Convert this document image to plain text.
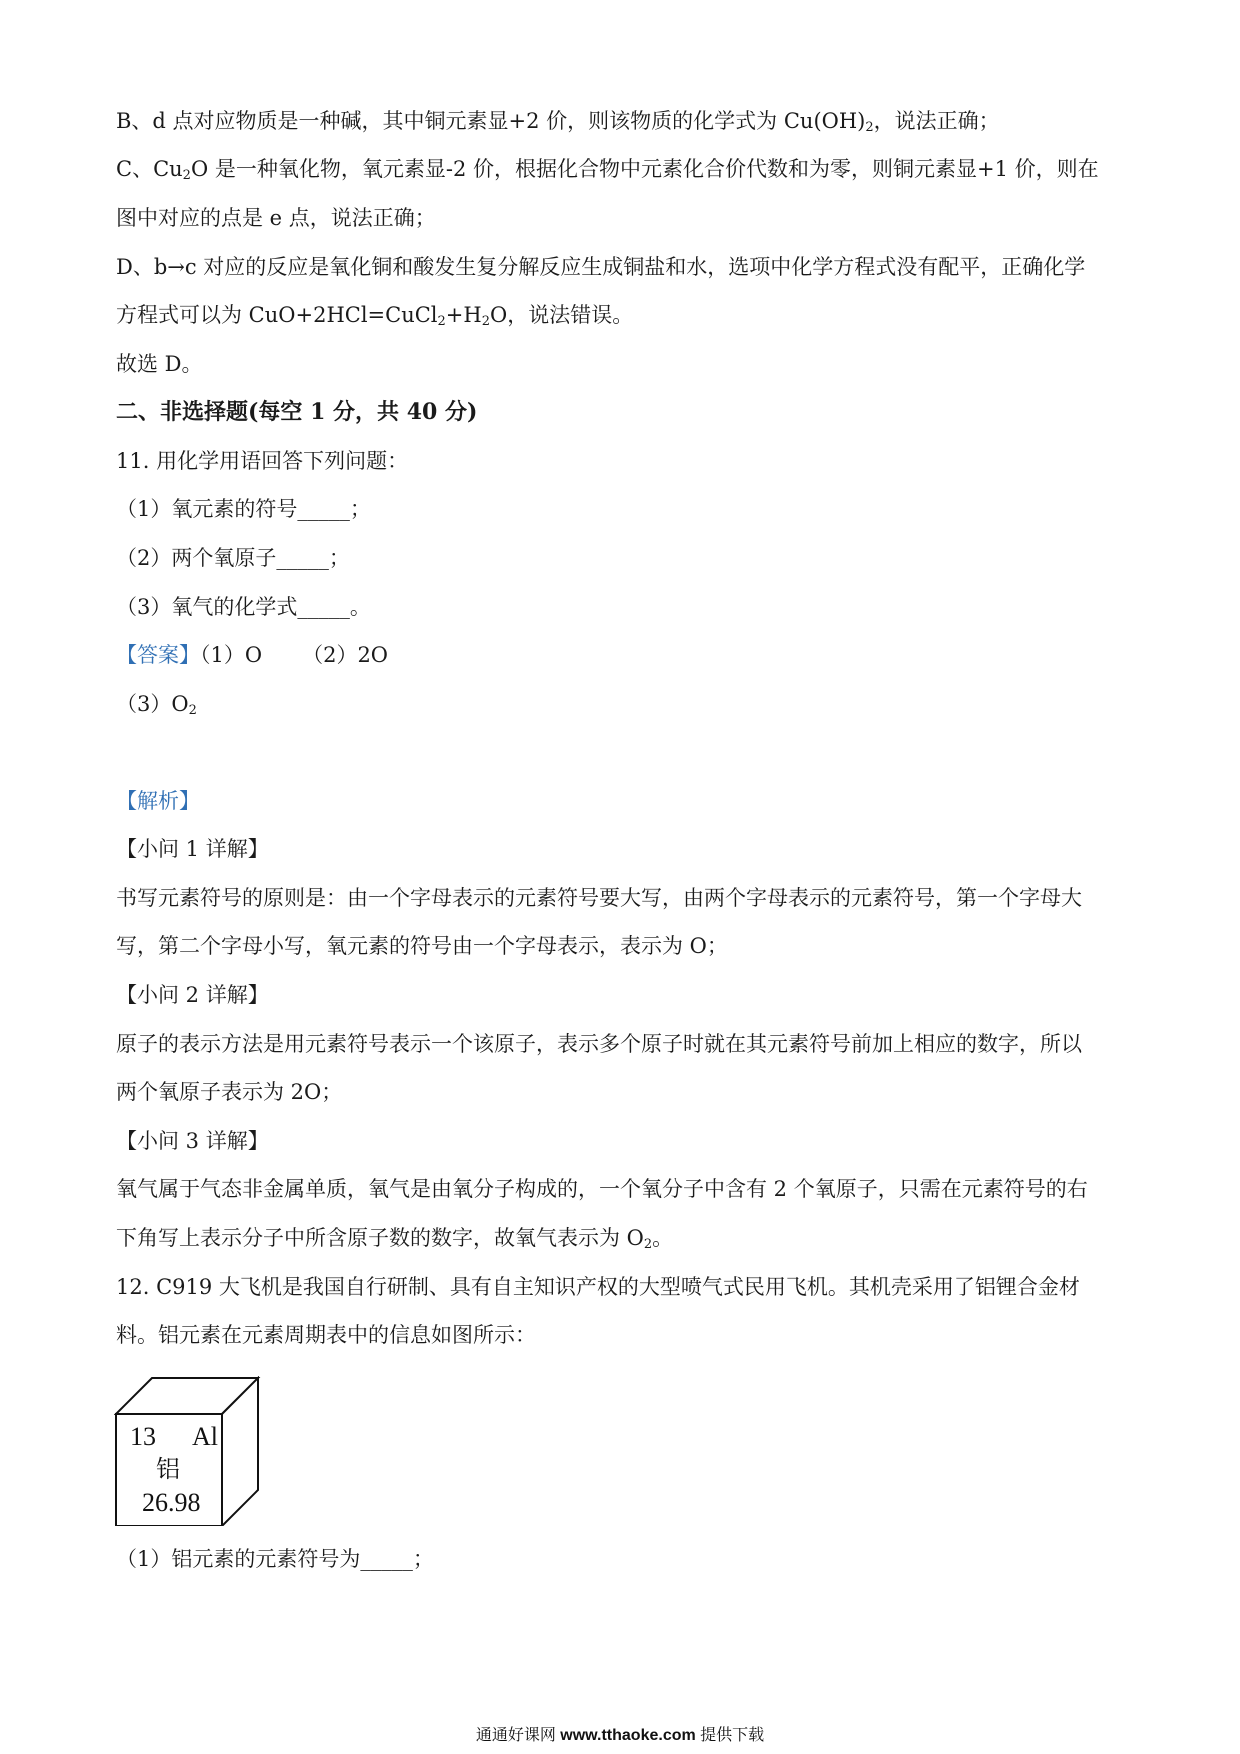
B、d 点对应物质是一种碱，其中铜元素显+2 价，则该物质的化学式为 $Cu(OH)_2$，说法正确；
C、$Cu_2O$ 是一种氧化物，氧元素显-2 价，根据化合物中元素化合价代数和为零，则铜元素显+1 价，则在
图中对应的点是 e 点，说法正确；
D、b→c 对应的反应是氧化铜和酸发生复分解反应生成铜盐和水，选项中化学方程式没有配平，正确化学
方程式可以为 $CuO+2HCl=CuCl_2+H_2O$，说法错误。
故选 D。
二、非选择题(每空 1 分，共 40 分)
11. 用化学用语回答下列问题：
（1）氧元素的符号_____；
（2）两个氧原子_____；
（3）氧气的化学式_____。
【答案】（1）O （2）2O
$(3)O_2$
【解析】
【小问 1 详解】
书写元素符号的原则是：由一个字母表示的元素符号要大写，由两个字母表示的元素符号，第一个字母大
写，第二个字母小写，氧元素的符号由一个字母表示，表示为 O；
【小问 2 详解】
原子的表示方法是用元素符号表示一个该原子，表示多个原子时就在其元素符号前加上相应的数字，所以
两个氧原子表示为 2O；
【小问 3 详解】
氧气属于气态非金属单质，氧气是由氧分子构成的，一个氧分子中含有 2 个氧原子，只需在元素符号的右
下角写上表示分子中所含原子数的数字，故氧气表示为 $O_2$。
12. C919 大飞机是我国自行研制、具有自主知识产权的大型喷气式民用飞机。其机壳采用了铝锂合金材
料。铝元素在元素周期表中的信息如图所示：
13 Al
铝
26.98
（1）铝元素的元素符号为_____；
通通好课网 www.tthaoke.com 提供下载
